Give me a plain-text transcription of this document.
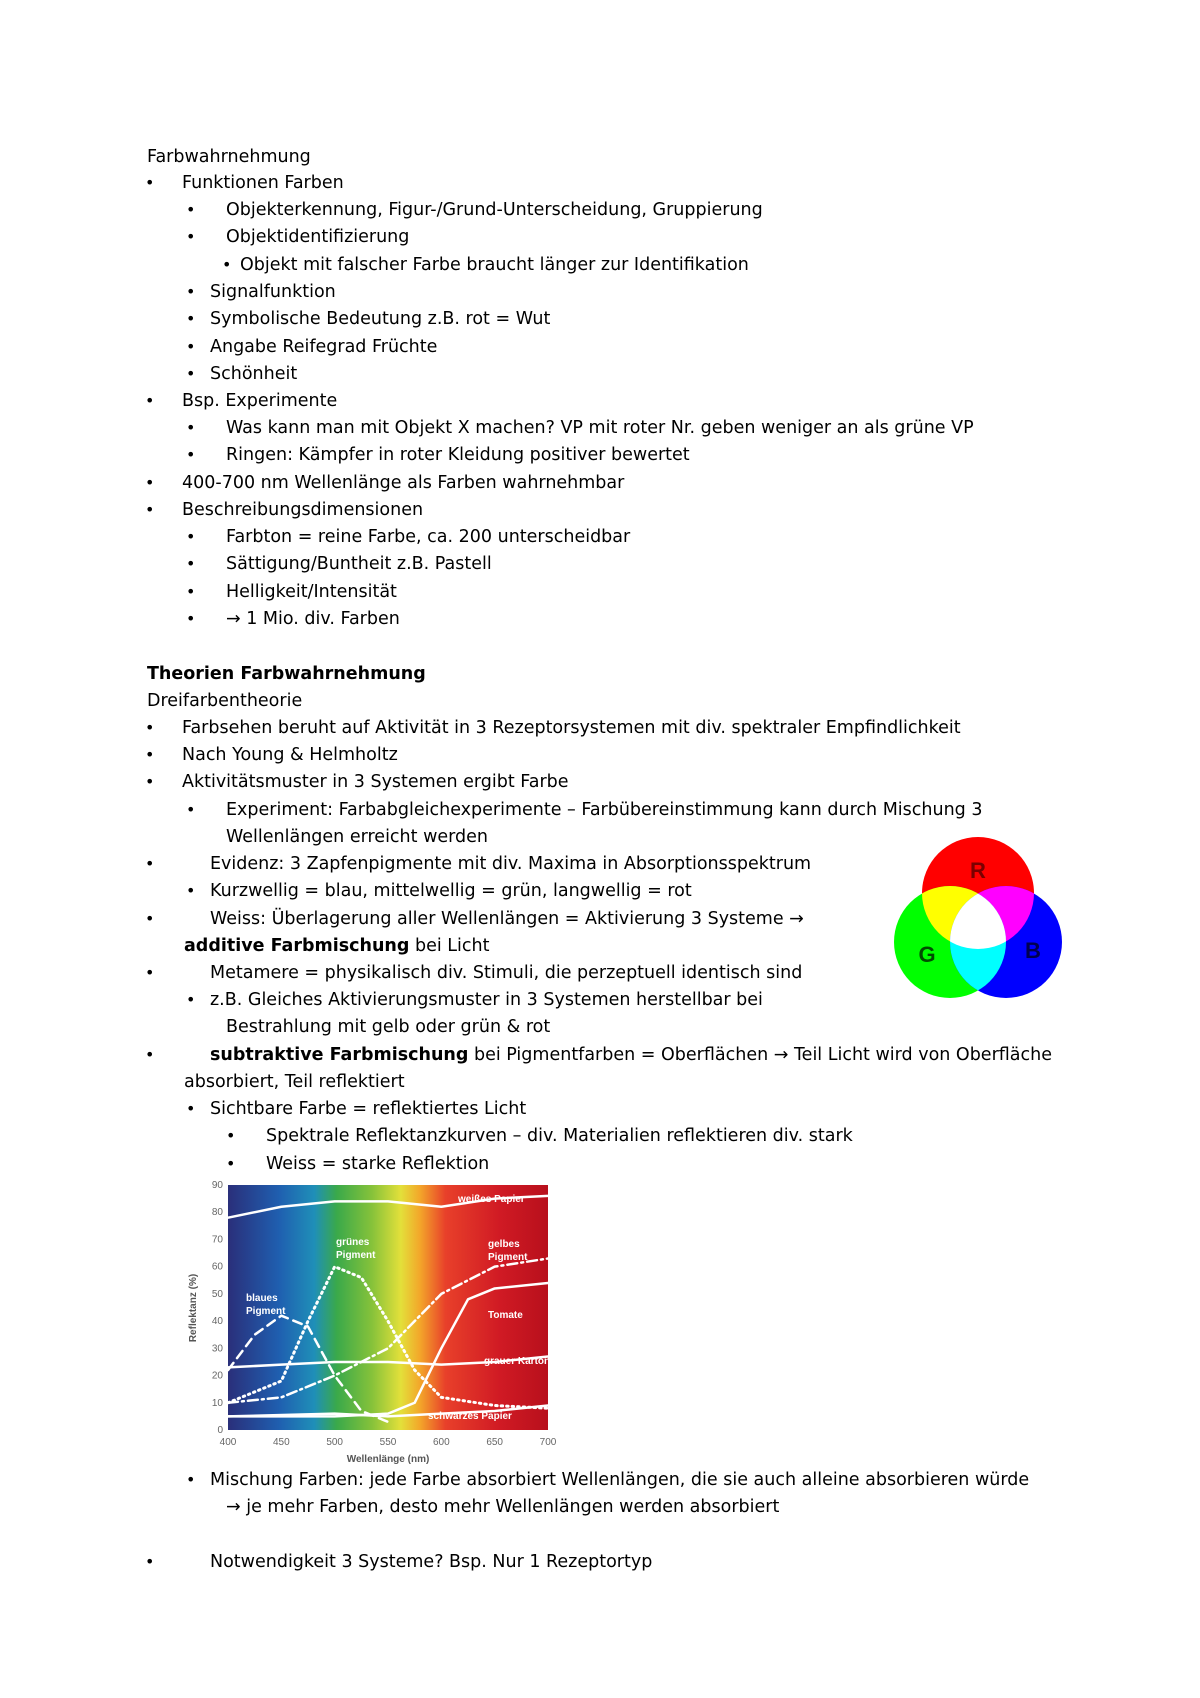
Farbwahrnehmung
•
Funktionen Farben
•
Objekterkennung, Figur-/Grund-Unterscheidung, Gruppierung
•
Objektidentifizierung
•
Objekt mit falscher Farbe braucht länger zur Identifikation
•
Signalfunktion
•
Symbolische Bedeutung z.B. rot = Wut
•
Angabe Reifegrad Früchte
•
Schönheit
•
Bsp. Experimente
•
Was kann man mit Objekt X machen? VP mit roter Nr. geben weniger an als grüne VP
•
Ringen: Kämpfer in roter Kleidung positiver bewertet
•
400-700 nm Wellenlänge als Farben wahrnehmbar
•
Beschreibungsdimensionen
•
Farbton = reine Farbe, ca. 200 unterscheidbar
•
Sättigung/Buntheit z.B. Pastell
•
Helligkeit/Intensität
•
→ 1 Mio. div. Farben
Theorien Farbwahrnehmung
Dreifarbentheorie
•
Farbsehen beruht auf Aktivität in 3 Rezeptorsystemen mit div. spektraler Empfindlichkeit
•
Nach Young & Helmholtz
•
Aktivitätsmuster in 3 Systemen ergibt Farbe
•
Experiment: Farbabgleichexperimente – Farbübereinstimmung kann durch Mischung 3
Wellenlängen erreicht werden
•
Evidenz: 3 Zapfenpigmente mit div. Maxima in Absorptionsspektrum
•
Kurzwellig = blau, mittelwellig = grün, langwellig = rot
•
Weiss: Überlagerung aller Wellenlängen = Aktivierung 3 Systeme →
additive Farbmischung bei Licht
•
Metamere = physikalisch div. Stimuli, die perzeptuell identisch sind
•
z.B. Gleiches Aktivierungsmuster in 3 Systemen herstellbar bei
Bestrahlung mit gelb oder grün & rot
•
subtraktive Farbmischung bei Pigmentfarben = Oberflächen → Teil Licht wird von Oberfläche
absorbiert, Teil reflektiert
•
Sichtbare Farbe = reflektiertes Licht
•
Spektrale Reflektanzkurven – div. Materialien reflektieren div. stark
•
Weiss = starke Reflektion
•
Mischung Farben: jede Farbe absorbiert Wellenlängen, die sie auch alleine absorbieren würde
→ je mehr Farben, desto mehr Wellenlängen werden absorbiert
•
Notwendigkeit 3 Systeme? Bsp. Nur 1 Rezeptortyp
R
G	B
0
10
20
30
40
50
60
70
80
90
400	450	500	550	600	650	700
weißes Papier
blaues
Pigment
grünes
Pigment
gelbes
Pigment
Tomate
grauer Karton
schwarzes Papier
Reflektanz (%)
Wellenlänge (nm)
